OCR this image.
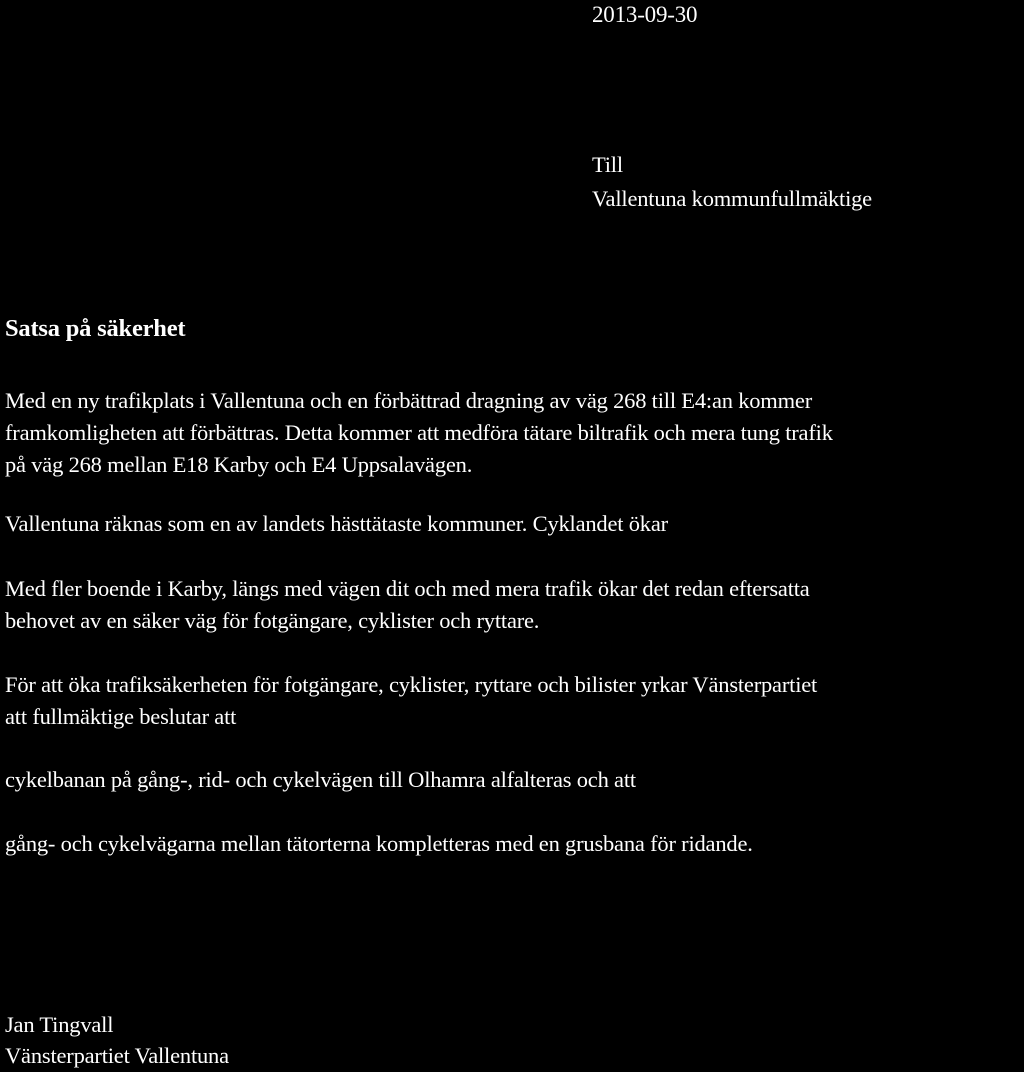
2013-09-30
Till
Vallentuna kommunfullmäktige
Satsa på säkerhet
Med en ny trafikplats i Vallentuna och en förbättrad dragning av väg 268 till E4:an kommer
framkomligheten att förbättras. Detta kommer att medföra tätare biltrafik och mera tung trafik
på väg 268 mellan E18 Karby och E4 Uppsalavägen.
Vallentuna räknas som en av landets hästtätaste kommuner. Cyklandet ökar
Med fler boende i Karby, längs med vägen dit och med mera trafik ökar det redan eftersatta
behovet av en säker väg för fotgängare, cyklister och ryttare.
För att öka trafiksäkerheten för fotgängare, cyklister, ryttare och bilister yrkar Vänsterpartiet
att fullmäktige beslutar att
cykelbanan på gång-, rid- och cykelvägen till Olhamra alfalteras och att
gång- och cykelvägarna mellan tätorterna kompletteras med en grusbana för ridande.
Jan Tingvall
Vänsterpartiet Vallentuna
